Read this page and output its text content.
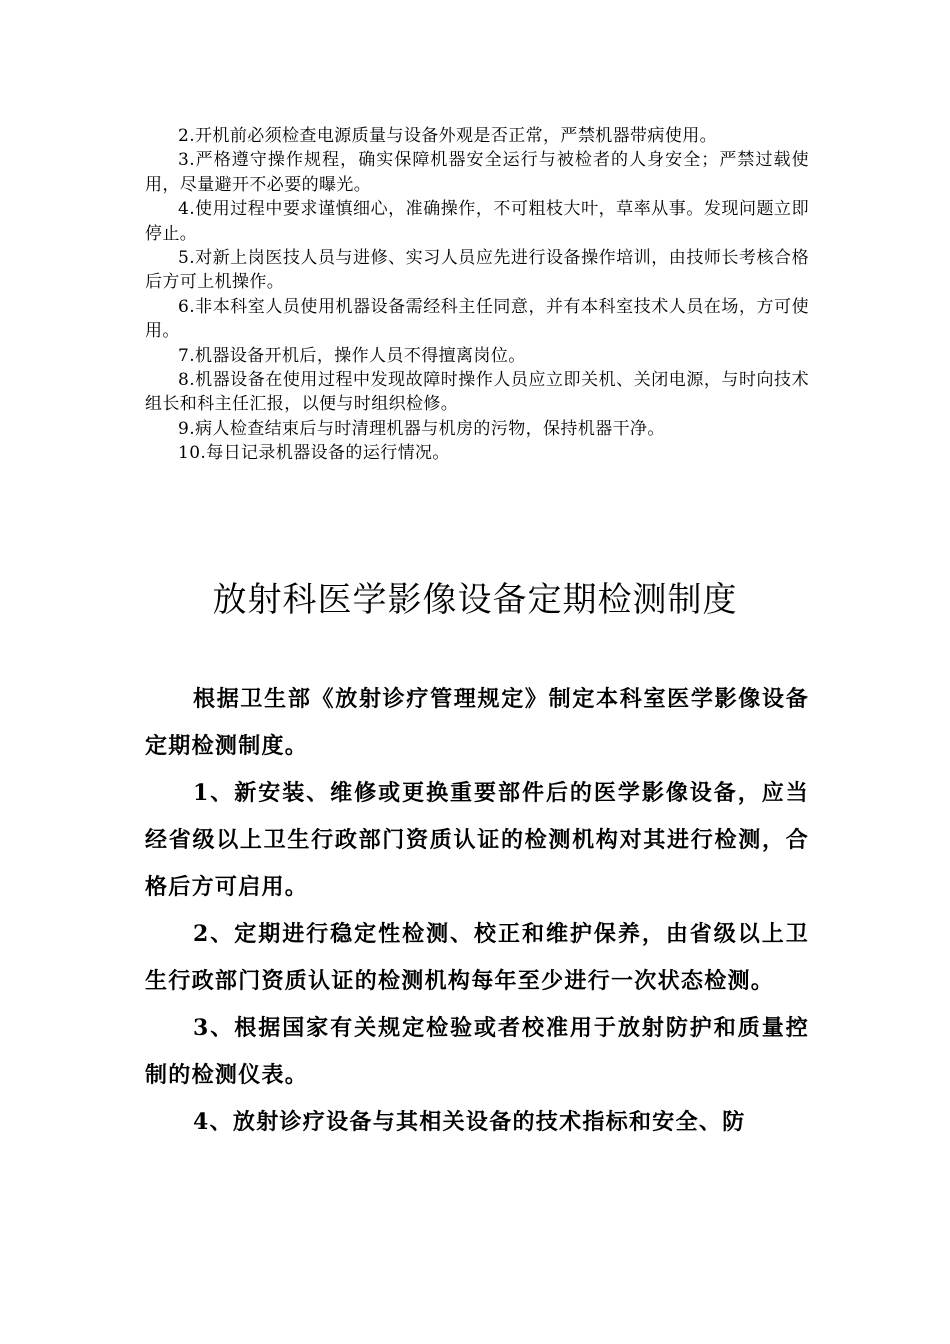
2.开机前必须检查电源质量与设备外观是否正常，严禁机器带病使用。

3.严格遵守操作规程，确实保障机器安全运行与被检者的人身安全；严禁过载使用，尽量避开不必要的曝光。

4.使用过程中要求谨慎细心，准确操作，不可粗枝大叶，草率从事。发现问题立即停止。

5.对新上岗医技人员与进修、实习人员应先进行设备操作培训，由技师长考核合格后方可上机操作。

6.非本科室人员使用机器设备需经科主任同意，并有本科室技术人员在场，方可使用。

7.机器设备开机后，操作人员不得擅离岗位。

8.机器设备在使用过程中发现故障时操作人员应立即关机、关闭电源，与时向技术组长和科主任汇报，以便与时组织检修。

9.病人检查结束后与时清理机器与机房的污物，保持机器干净。

10.每日记录机器设备的运行情况。

放射科医学影像设备定期检测制度

根据卫生部《放射诊疗管理规定》制定本科室医学影像设备定期检测制度。

1、新安装、维修或更换重要部件后的医学影像设备，应当经省级以上卫生行政部门资质认证的检测机构对其进行检测，合格后方可启用。

2、定期进行稳定性检测、校正和维护保养，由省级以上卫生行政部门资质认证的检测机构每年至少进行一次状态检测。

3、根据国家有关规定检验或者校准用于放射防护和质量控制的检测仪表。

4、放射诊疗设备与其相关设备的技术指标和安全、防
